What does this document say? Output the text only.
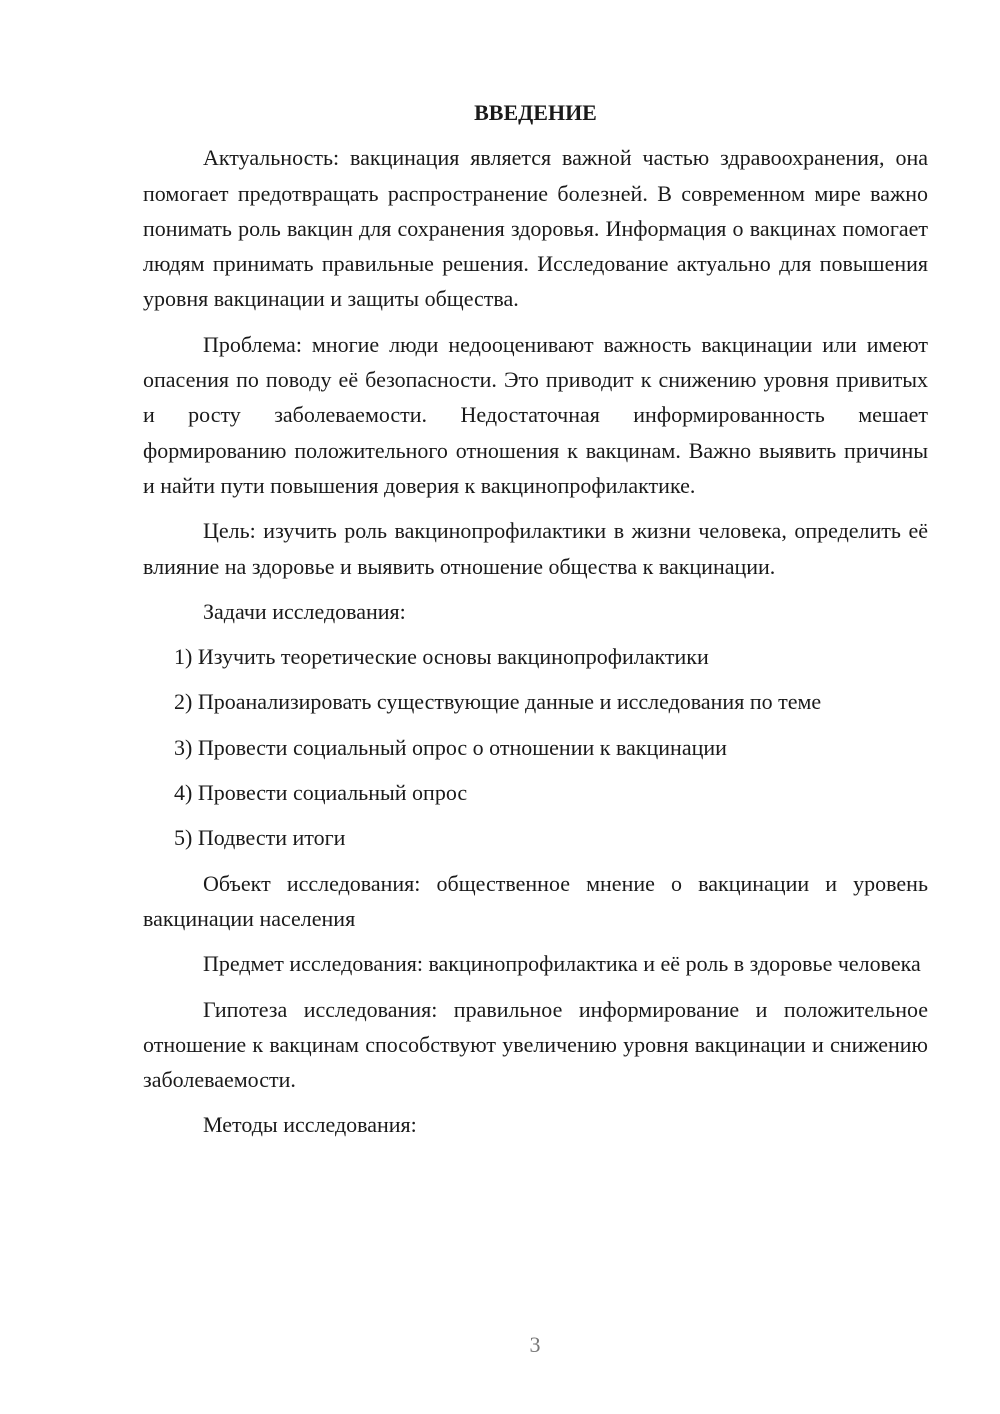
ВВЕДЕНИЕ

Актуальность: вакцинация является важной частью здравоохранения, она помогает предотвращать распространение болезней. В современном мире важно понимать роль вакцин для сохранения здоровья. Информация о вакцинах помогает людям принимать правильные решения. Исследование актуально для повышения уровня вакцинации и защиты общества.

Проблема: многие люди недооценивают важность вакцинации или имеют опасения по поводу её безопасности. Это приводит к снижению уровня привитых и росту заболеваемости. Недостаточная информированность мешает формированию положительного отношения к вакцинам. Важно выявить причины и найти пути повышения доверия к вакцинопрофилактике.

Цель: изучить роль вакцинопрофилактики в жизни человека, определить её влияние на здоровье и выявить отношение общества к вакцинации.

Задачи исследования:

1) Изучить теоретические основы вакцинопрофилактики
2) Проанализировать существующие данные и исследования по теме
3) Провести социальный опрос о отношении к вакцинации
4) Провести социальный опрос
5) Подвести итоги

Объект исследования: общественное мнение о вакцинации и уровень вакцинации населения

Предмет исследования: вакцинопрофилактика и её роль в здоровье человека

Гипотеза исследования: правильное информирование и положительное отношение к вакцинам способствуют увеличению уровня вакцинации и снижению заболеваемости.

Методы исследования:

3
